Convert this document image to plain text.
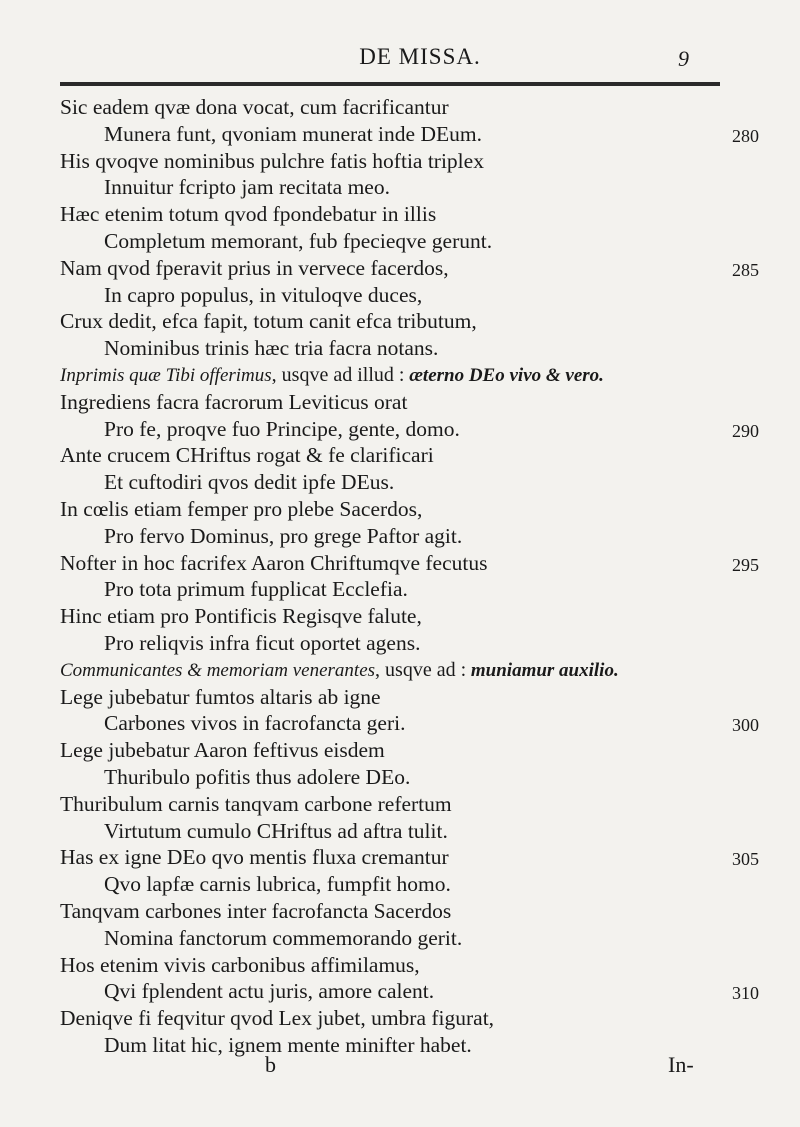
DE MISSA.	9
Sic eadem qvæ dona vocat, cum facrificantur
Munera funt, qvoniam munerat inde DEum.	280
His qvoqve nominibus pulchre fatis hoftia triplex
Innuitur fcripto jam recitata meo.
Hæc etenim totum qvod fpondebatur in illis
Completum memorant, fub fpecieqve gerunt.
Nam qvod fperavit prius in vervece facerdos,	285
In capro populus, in vituloqve duces,
Crux dedit, efca fapit, totum canit efca tributum,
Nominibus trinis hæc tria facra notans.
Inprimis quæ Tibi offerimus, usqve ad illud : æterno DEo vivo & vero.
Ingrediens facra facrorum Leviticus orat
Pro fe, proqve fuo Principe, gente, domo.	290
Ante crucem CHriftus rogat & fe clarificari
Et cuftodiri qvos dedit ipfe DEus.
In cœlis etiam femper pro plebe Sacerdos,
Pro fervo Dominus, pro grege Paftor agit.
Nofter in hoc facrifex Aaron Chriftumqve fecutus	295
Pro tota primum fupplicat Ecclefia.
Hinc etiam pro Pontificis Regisqve falute,
Pro reliqvis infra ficut oportet agens.
Communicantes & memoriam venerantes, usqve ad : muniamur auxilio.
Lege jubebatur fumtos altaris ab igne
Carbones vivos in facrofancta geri.	300
Lege jubebatur Aaron feftivus eisdem
Thuribulo pofitis thus adolere DEo.
Thuribulum carnis tanqvam carbone refertum
Virtutum cumulo CHriftus ad aftra tulit.
Has ex igne DEo qvo mentis fluxa cremantur	305
Qvo lapfæ carnis lubrica, fumpfit homo.
Tanqvam carbones inter facrofancta Sacerdos
Nomina fanctorum commemorando gerit.
Hos etenim vivis carbonibus affimilamus,
Qvi fplendent actu juris, amore calent.	310
Deniqve fi feqvitur qvod Lex jubet, umbra figurat,
Dum litat hic, ignem mente minifter habet.
b	In-
